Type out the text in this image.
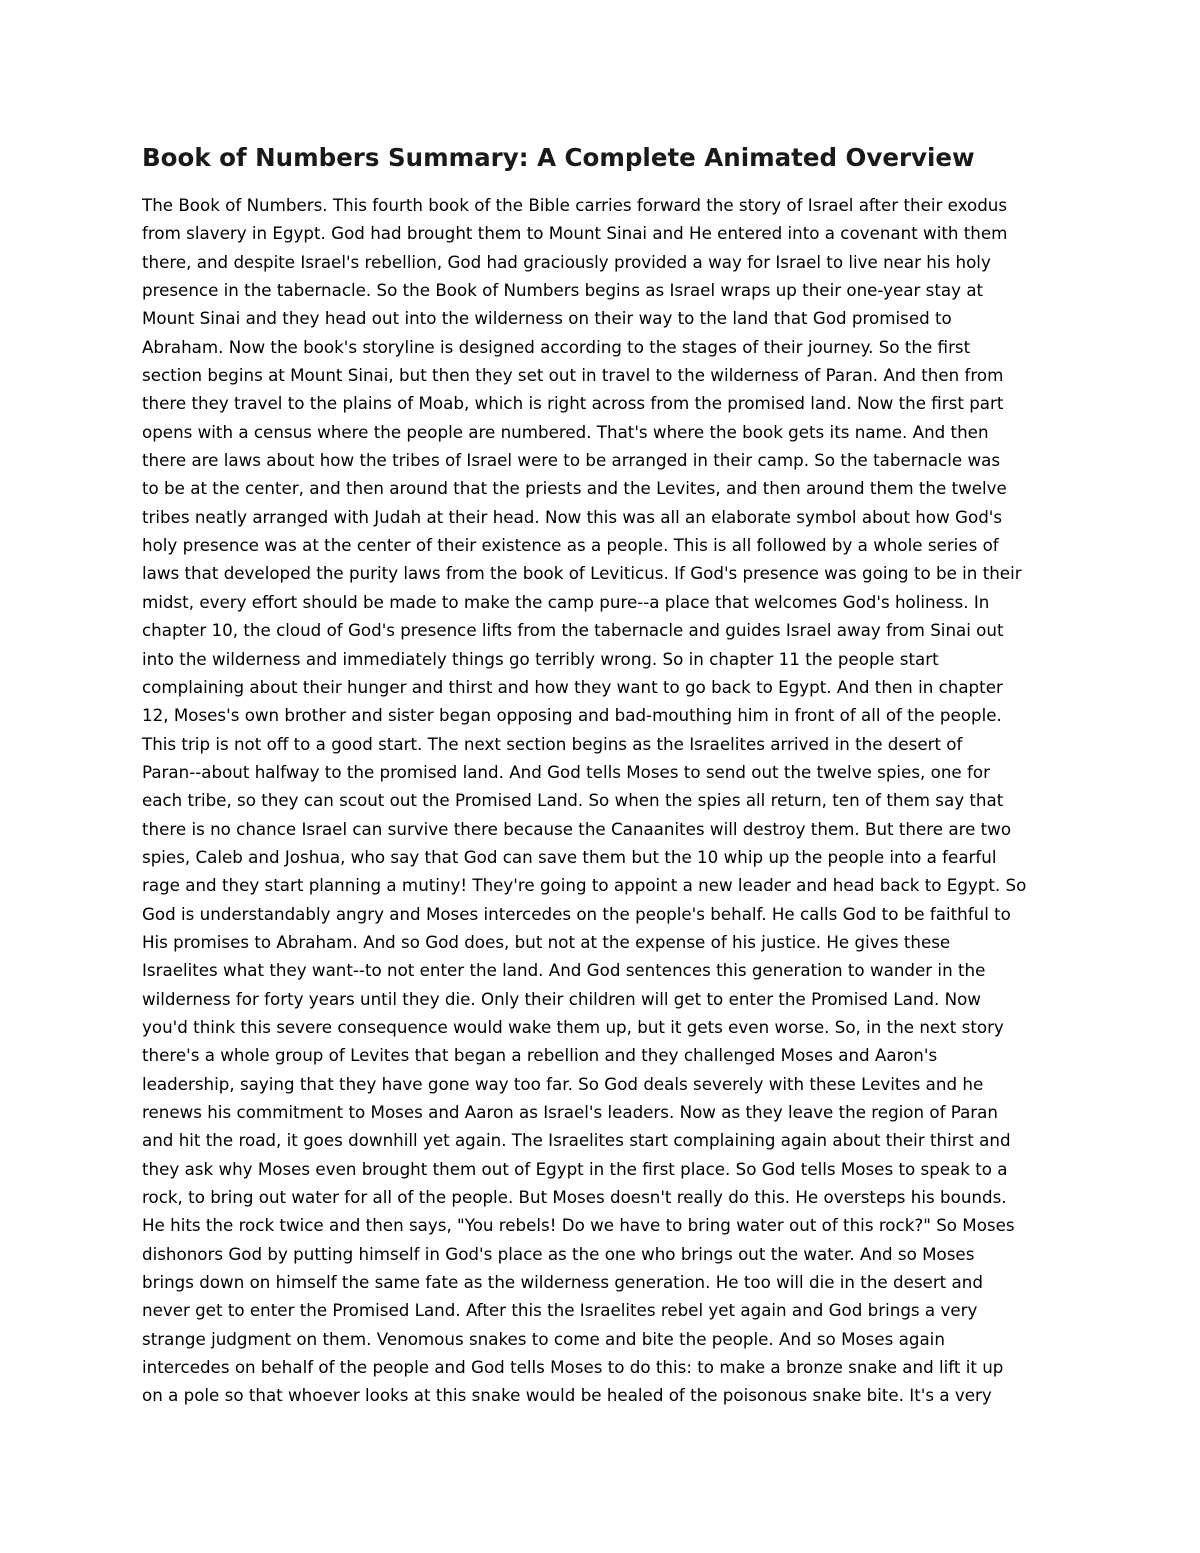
Book of Numbers Summary: A Complete Animated Overview
The Book of Numbers. This fourth book of the Bible carries forward the story of Israel after their exodus
from slavery in Egypt. God had brought them to Mount Sinai and He entered into a covenant with them
there, and despite Israel's rebellion, God had graciously provided a way for Israel to live near his holy
presence in the tabernacle. So the Book of Numbers begins as Israel wraps up their one-year stay at
Mount Sinai and they head out into the wilderness on their way to the land that God promised to
Abraham. Now the book's storyline is designed according to the stages of their journey. So the first
section begins at Mount Sinai, but then they set out in travel to the wilderness of Paran. And then from
there they travel to the plains of Moab, which is right across from the promised land. Now the first part
opens with a census where the people are numbered. That's where the book gets its name. And then
there are laws about how the tribes of Israel were to be arranged in their camp. So the tabernacle was
to be at the center, and then around that the priests and the Levites, and then around them the twelve
tribes neatly arranged with Judah at their head. Now this was all an elaborate symbol about how God's
holy presence was at the center of their existence as a people. This is all followed by a whole series of
laws that developed the purity laws from the book of Leviticus. If God's presence was going to be in their
midst, every effort should be made to make the camp pure--a place that welcomes God's holiness. In
chapter 10, the cloud of God's presence lifts from the tabernacle and guides Israel away from Sinai out
into the wilderness and immediately things go terribly wrong. So in chapter 11 the people start
complaining about their hunger and thirst and how they want to go back to Egypt. And then in chapter
12, Moses's own brother and sister began opposing and bad-mouthing him in front of all of the people.
This trip is not off to a good start. The next section begins as the Israelites arrived in the desert of
Paran--about halfway to the promised land. And God tells Moses to send out the twelve spies, one for
each tribe, so they can scout out the Promised Land. So when the spies all return, ten of them say that
there is no chance Israel can survive there because the Canaanites will destroy them. But there are two
spies, Caleb and Joshua, who say that God can save them but the 10 whip up the people into a fearful
rage and they start planning a mutiny! They're going to appoint a new leader and head back to Egypt. So
God is understandably angry and Moses intercedes on the people's behalf. He calls God to be faithful to
His promises to Abraham. And so God does, but not at the expense of his justice. He gives these
Israelites what they want--to not enter the land. And God sentences this generation to wander in the
wilderness for forty years until they die. Only their children will get to enter the Promised Land. Now
you'd think this severe consequence would wake them up, but it gets even worse. So, in the next story
there's a whole group of Levites that began a rebellion and they challenged Moses and Aaron's
leadership, saying that they have gone way too far. So God deals severely with these Levites and he
renews his commitment to Moses and Aaron as Israel's leaders. Now as they leave the region of Paran
and hit the road, it goes downhill yet again. The Israelites start complaining again about their thirst and
they ask why Moses even brought them out of Egypt in the first place. So God tells Moses to speak to a
rock, to bring out water for all of the people. But Moses doesn't really do this. He oversteps his bounds.
He hits the rock twice and then says, "You rebels! Do we have to bring water out of this rock?" So Moses
dishonors God by putting himself in God's place as the one who brings out the water. And so Moses
brings down on himself the same fate as the wilderness generation. He too will die in the desert and
never get to enter the Promised Land. After this the Israelites rebel yet again and God brings a very
strange judgment on them. Venomous snakes to come and bite the people. And so Moses again
intercedes on behalf of the people and God tells Moses to do this: to make a bronze snake and lift it up
on a pole so that whoever looks at this snake would be healed of the poisonous snake bite. It's a very
